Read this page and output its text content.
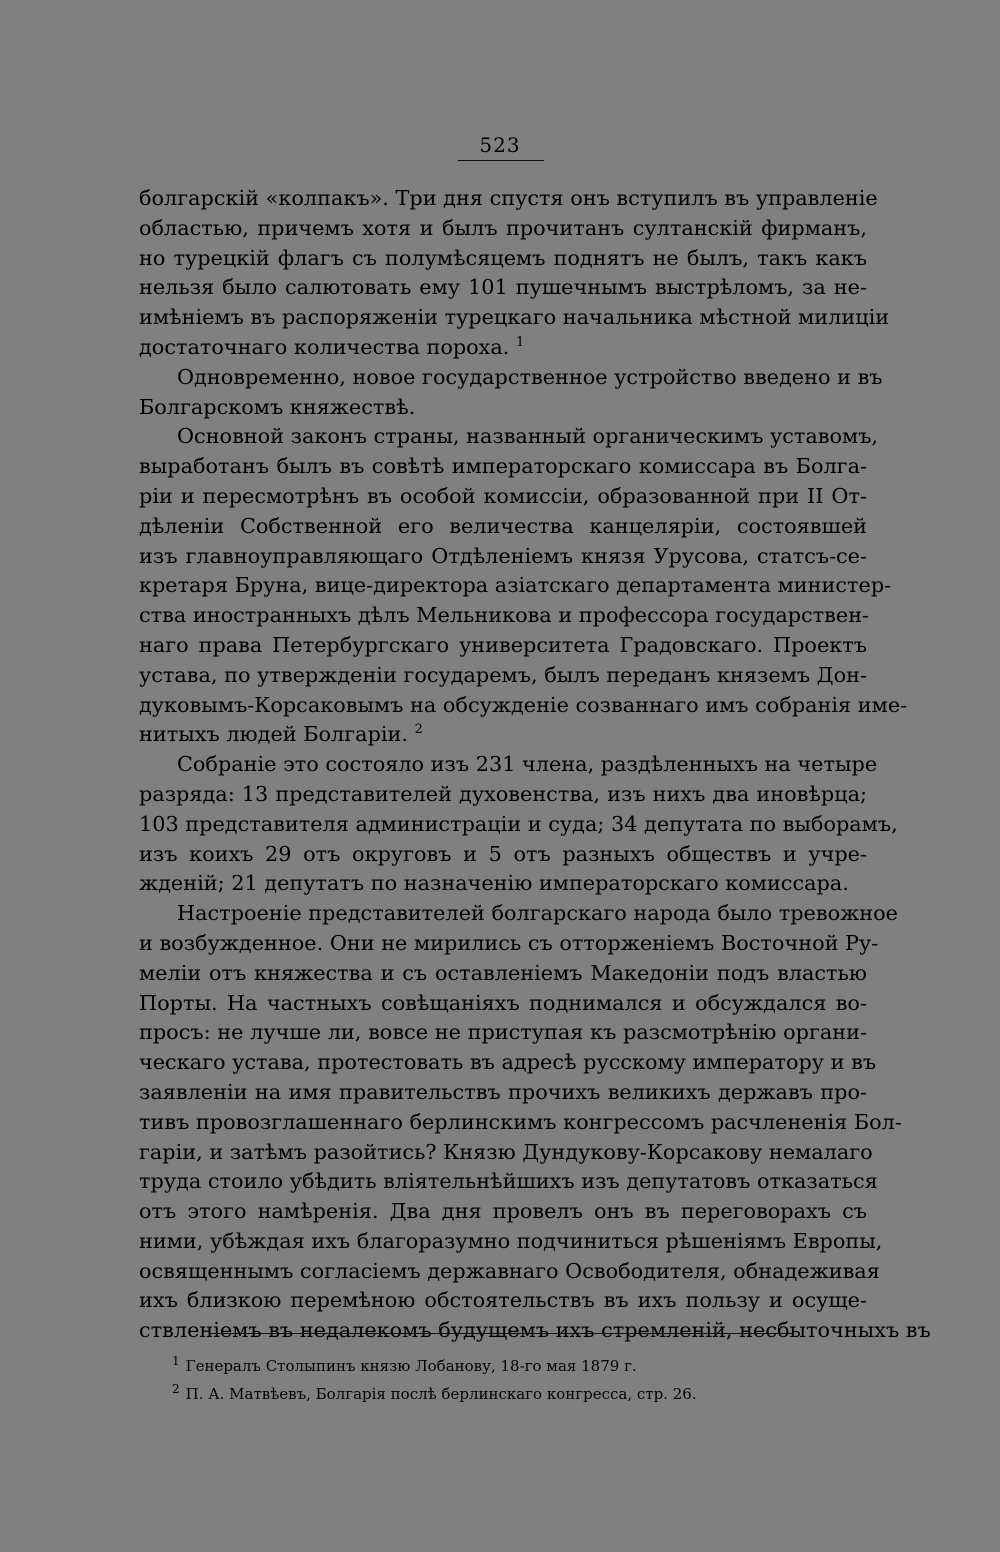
523
болгарскій «колпакъ». Три дня спустя онъ вступилъ въ управленіе
областью, причемъ хотя и былъ прочитанъ султанскій фирманъ,
но турецкій флагъ съ полумѣсяцемъ поднятъ не былъ, такъ какъ
нельзя было салютовать ему 101 пушечнымъ выстрѣломъ, за не-
имѣніемъ въ распоряженіи турецкаго начальника мѣстной милиціи
достаточнаго количества пороха. $^1$
Одновременно, новое государственное устройство введено и въ
Болгарскомъ княжествѣ.
Основной законъ страны, названный органическимъ уставомъ,
выработанъ былъ въ совѣтѣ императорскаго комиссара въ Болга-
ріи и пересмотрѣнъ въ особой комиссіи, образованной при II От-
дѣленіи Собственной его величества канцеляріи, состоявшей
изъ главноуправляющаго Отдѣленіемъ князя Урусова, статсъ-се-
кретаря Бруна, вице-директора азіатскаго департамента министер-
ства иностранныхъ дѣлъ Мельникова и профессора государствен-
наго права Петербургскаго университета Градовскаго. Проектъ
устава, по утвержденіи государемъ, былъ переданъ княземъ Дон-
дуковымъ-Корсаковымъ на обсужденіе созваннаго имъ собранія име-
нитыхъ людей Болгаріи. $^2$
Собраніе это состояло изъ 231 члена, раздѣленныхъ на четыре
разряда: 13 представителей духовенства, изъ нихъ два иновѣрца;
103 представителя администраціи и суда; 34 депутата по выборамъ,
изъ коихъ 29 отъ округовъ и 5 отъ разныхъ обществъ и учре-
жденій; 21 депутатъ по назначенію императорскаго комиссара.
Настроеніе представителей болгарскаго народа было тревожное
и возбужденное. Они не мирились съ отторженіемъ Восточной Ру-
меліи отъ княжества и съ оставленіемъ Македоніи подъ властью
Порты. На частныхъ совѣщаніяхъ поднимался и обсуждался во-
просъ: не лучше ли, вовсе не приступая къ разсмотрѣнію органи-
ческаго устава, протестовать въ адресѣ русскому императору и въ
заявленіи на имя правительствъ прочихъ великихъ державъ про-
тивъ провозглашеннаго берлинскимъ конгрессомъ расчлененія Бол-
гаріи, и затѣмъ разойтись? Князю Дундукову-Корсакову немалаго
труда стоило убѣдить вліятельнѣйшихъ изъ депутатовъ отказаться
отъ этого намѣренія. Два дня провелъ онъ въ переговорахъ съ
ними, убѣждая ихъ благоразумно подчиниться рѣшеніямъ Европы,
освященнымъ согласіемъ державнаго Освободителя, обнадеживая
ихъ близкою перемѣною обстоятельствъ въ ихъ пользу и осуще-
ствленіемъ въ недалекомъ будущемъ ихъ стремленій, несбыточныхъ въ
$^1$ Генералъ Столыпинъ князю Лобанову, 18-го мая 1879 г.
$^2$ П. А. Матвѣевъ, Болгарія послѣ берлинскаго конгресса, стр. 26.
